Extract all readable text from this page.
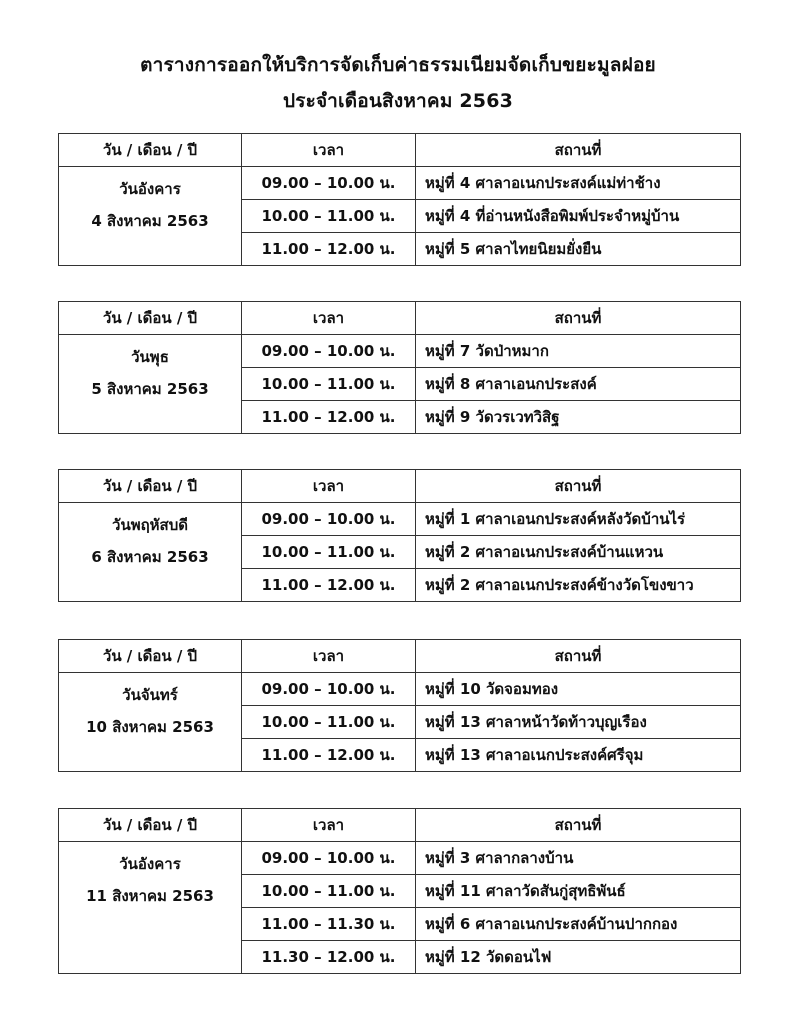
ตารางการออกให้บริการจัดเก็บค่าธรรมเนียมจัดเก็บขยะมูลฝอย
ประจำเดือนสิงหาคม 2563
วัน / เดือน / ปี	เวลา	สถานที่

วันอังคาร
4 สิงหาคม 2563	09.00 – 10.00 น.	หมู่ที่ 4 ศาลาอเนกประสงค์แม่ท่าช้าง
	10.00 – 11.00 น.	หมู่ที่ 4 ที่อ่านหนังสือพิมพ์ประจำหมู่บ้าน
	11.00 – 12.00 น.	หมู่ที่ 5 ศาลาไทยนิยมยั่งยืน
วัน / เดือน / ปี	เวลา	สถานที่

วันพุธ
5 สิงหาคม 2563	09.00 – 10.00 น.	หมู่ที่ 7 วัดป่าหมาก
	10.00 – 11.00 น.	หมู่ที่ 8 ศาลาเอนกประสงค์
	11.00 – 12.00 น.	หมู่ที่ 9 วัดวรเวทวิสิฐ
วัน / เดือน / ปี	เวลา	สถานที่

วันพฤหัสบดี
6 สิงหาคม 2563	09.00 – 10.00 น.	หมู่ที่ 1 ศาลาเอนกประสงค์หลังวัดบ้านไร่
	10.00 – 11.00 น.	หมู่ที่ 2 ศาลาอเนกประสงค์บ้านแหวน
	11.00 – 12.00 น.	หมู่ที่ 2 ศาลาอเนกประสงค์ข้างวัดโขงขาว
วัน / เดือน / ปี	เวลา	สถานที่

วันจันทร์
10 สิงหาคม 2563	09.00 – 10.00 น.	หมู่ที่ 10 วัดจอมทอง
	10.00 – 11.00 น.	หมู่ที่ 13 ศาลาหน้าวัดท้าวบุญเรือง
	11.00 – 12.00 น.	หมู่ที่ 13 ศาลาอเนกประสงค์ศรีจุม
วัน / เดือน / ปี	เวลา	สถานที่

วันอังคาร
11 สิงหาคม 2563	09.00 – 10.00 น.	หมู่ที่ 3 ศาลากลางบ้าน
	10.00 – 11.00 น.	หมู่ที่ 11 ศาลาวัดสันกู่สุทธิพันธ์
	11.00 – 11.30 น.	หมู่ที่ 6 ศาลาอเนกประสงค์บ้านปากกอง
	11.30 – 12.00 น.	หมู่ที่ 12 วัดดอนไฟ
